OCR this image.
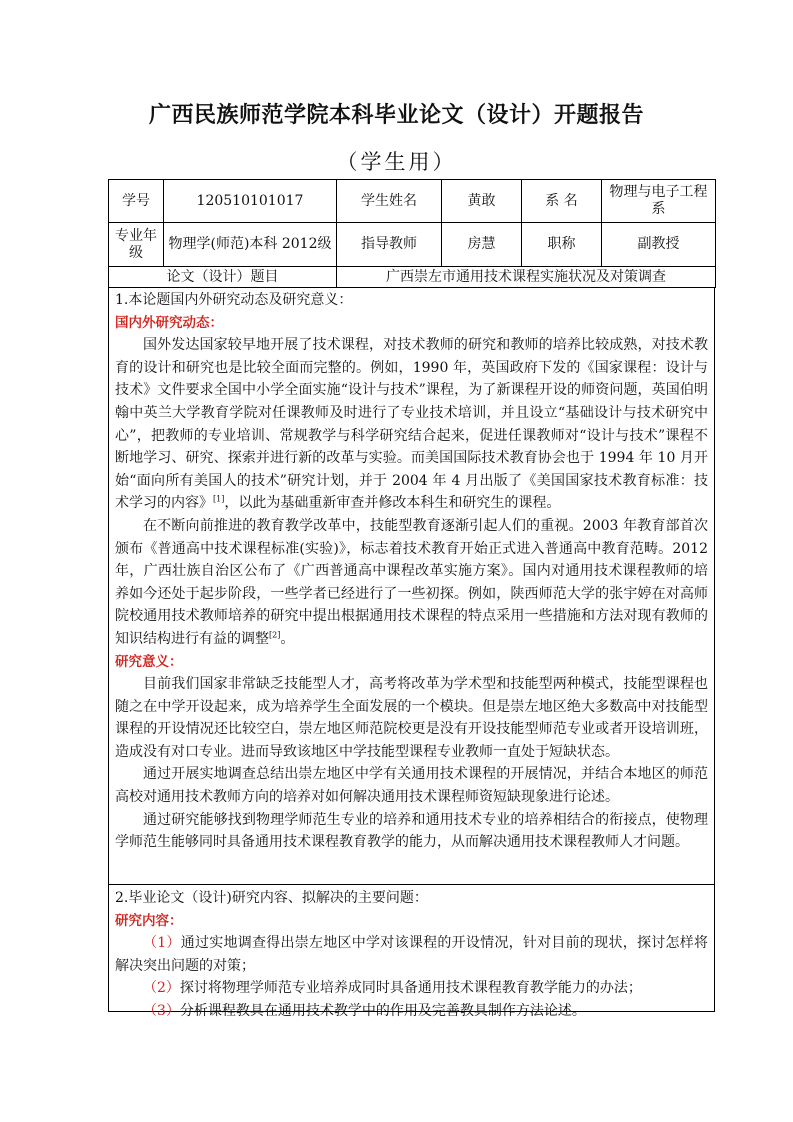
广西民族师范学院本科毕业论文（设计）开题报告
（学生用）
学号	120510101017	学生姓名	黄敢	系 名	物理与电子工程系
专业年级	物理学(师范)本科 2012级	指导教师	房慧	职称	副教授
论文（设计）题目		广西崇左市通用技术课程实施状况及对策调查			

1.本论题国内外研究动态及研究意义：

国内外研究动态：

国外发达国家较早地开展了技术课程，对技术教师的研究和教师的培养比较成熟，对技术教育的设计和研究也是比较全面而完整的。例如，1990 年，英国政府下发的《国家课程：设计与技术》文件要求全国中小学全面实施“设计与技术”课程，为了新课程开设的师资问题，英国伯明翰中英兰大学教育学院对任课教师及时进行了专业技术培训，并且设立“基础设计与技术研究中心”，把教师的专业培训、常规教学与科学研究结合起来，促进任课教师对“设计与技术”课程不断地学习、研究、探索并进行新的改革与实验。而美国国际技术教育协会也于 1994 年 10 月开始“面向所有美国人的技术”研究计划，并于 2004 年 4 月出版了《美国国家技术教育标准：技术学习的内容》[1]，以此为基础重新审查并修改本科生和研究生的课程。

在不断向前推进的教育教学改革中，技能型教育逐渐引起人们的重视。2003 年教育部首次颁布《普通高中技术课程标准(实验)》，标志着技术教育开始正式进入普通高中教育范畴。2012 年，广西壮族自治区公布了《广西普通高中课程改革实施方案》。国内对通用技术课程教师的培养如今还处于起步阶段，一些学者已经进行了一些初探。例如，陕西师范大学的张宇婷在对高师院校通用技术教师培养的研究中提出根据通用技术课程的特点采用一些措施和方法对现有教师的知识结构进行有益的调整[2]。

研究意义：

目前我们国家非常缺乏技能型人才，高考将改革为学术型和技能型两种模式，技能型课程也随之在中学开设起来，成为培养学生全面发展的一个模块。但是崇左地区绝大多数高中对技能型课程的开设情况还比较空白，崇左地区师范院校更是没有开设技能型师范专业或者开设培训班，造成没有对口专业。进而导致该地区中学技能型课程专业教师一直处于短缺状态。

通过开展实地调查总结出崇左地区中学有关通用技术课程的开展情况，并结合本地区的师范高校对通用技术教师方向的培养对如何解决通用技术课程师资短缺现象进行论述。

通过研究能够找到物理学师范生专业的培养和通用技术专业的培养相结合的衔接点，使物理学师范生能够同时具备通用技术课程教育教学的能力，从而解决通用技术课程教师人才问题。

2.毕业论文（设计)研究内容、拟解决的主要问题：

研究内容：

（1）通过实地调查得出崇左地区中学对该课程的开设情况，针对目前的现状，探讨怎样将解决突出问题的对策；

（2）探讨将物理学师范专业培养成同时具备通用技术课程教育教学能力的办法；

（3）分析课程教具在通用技术教学中的作用及完善教具制作方法论述。
